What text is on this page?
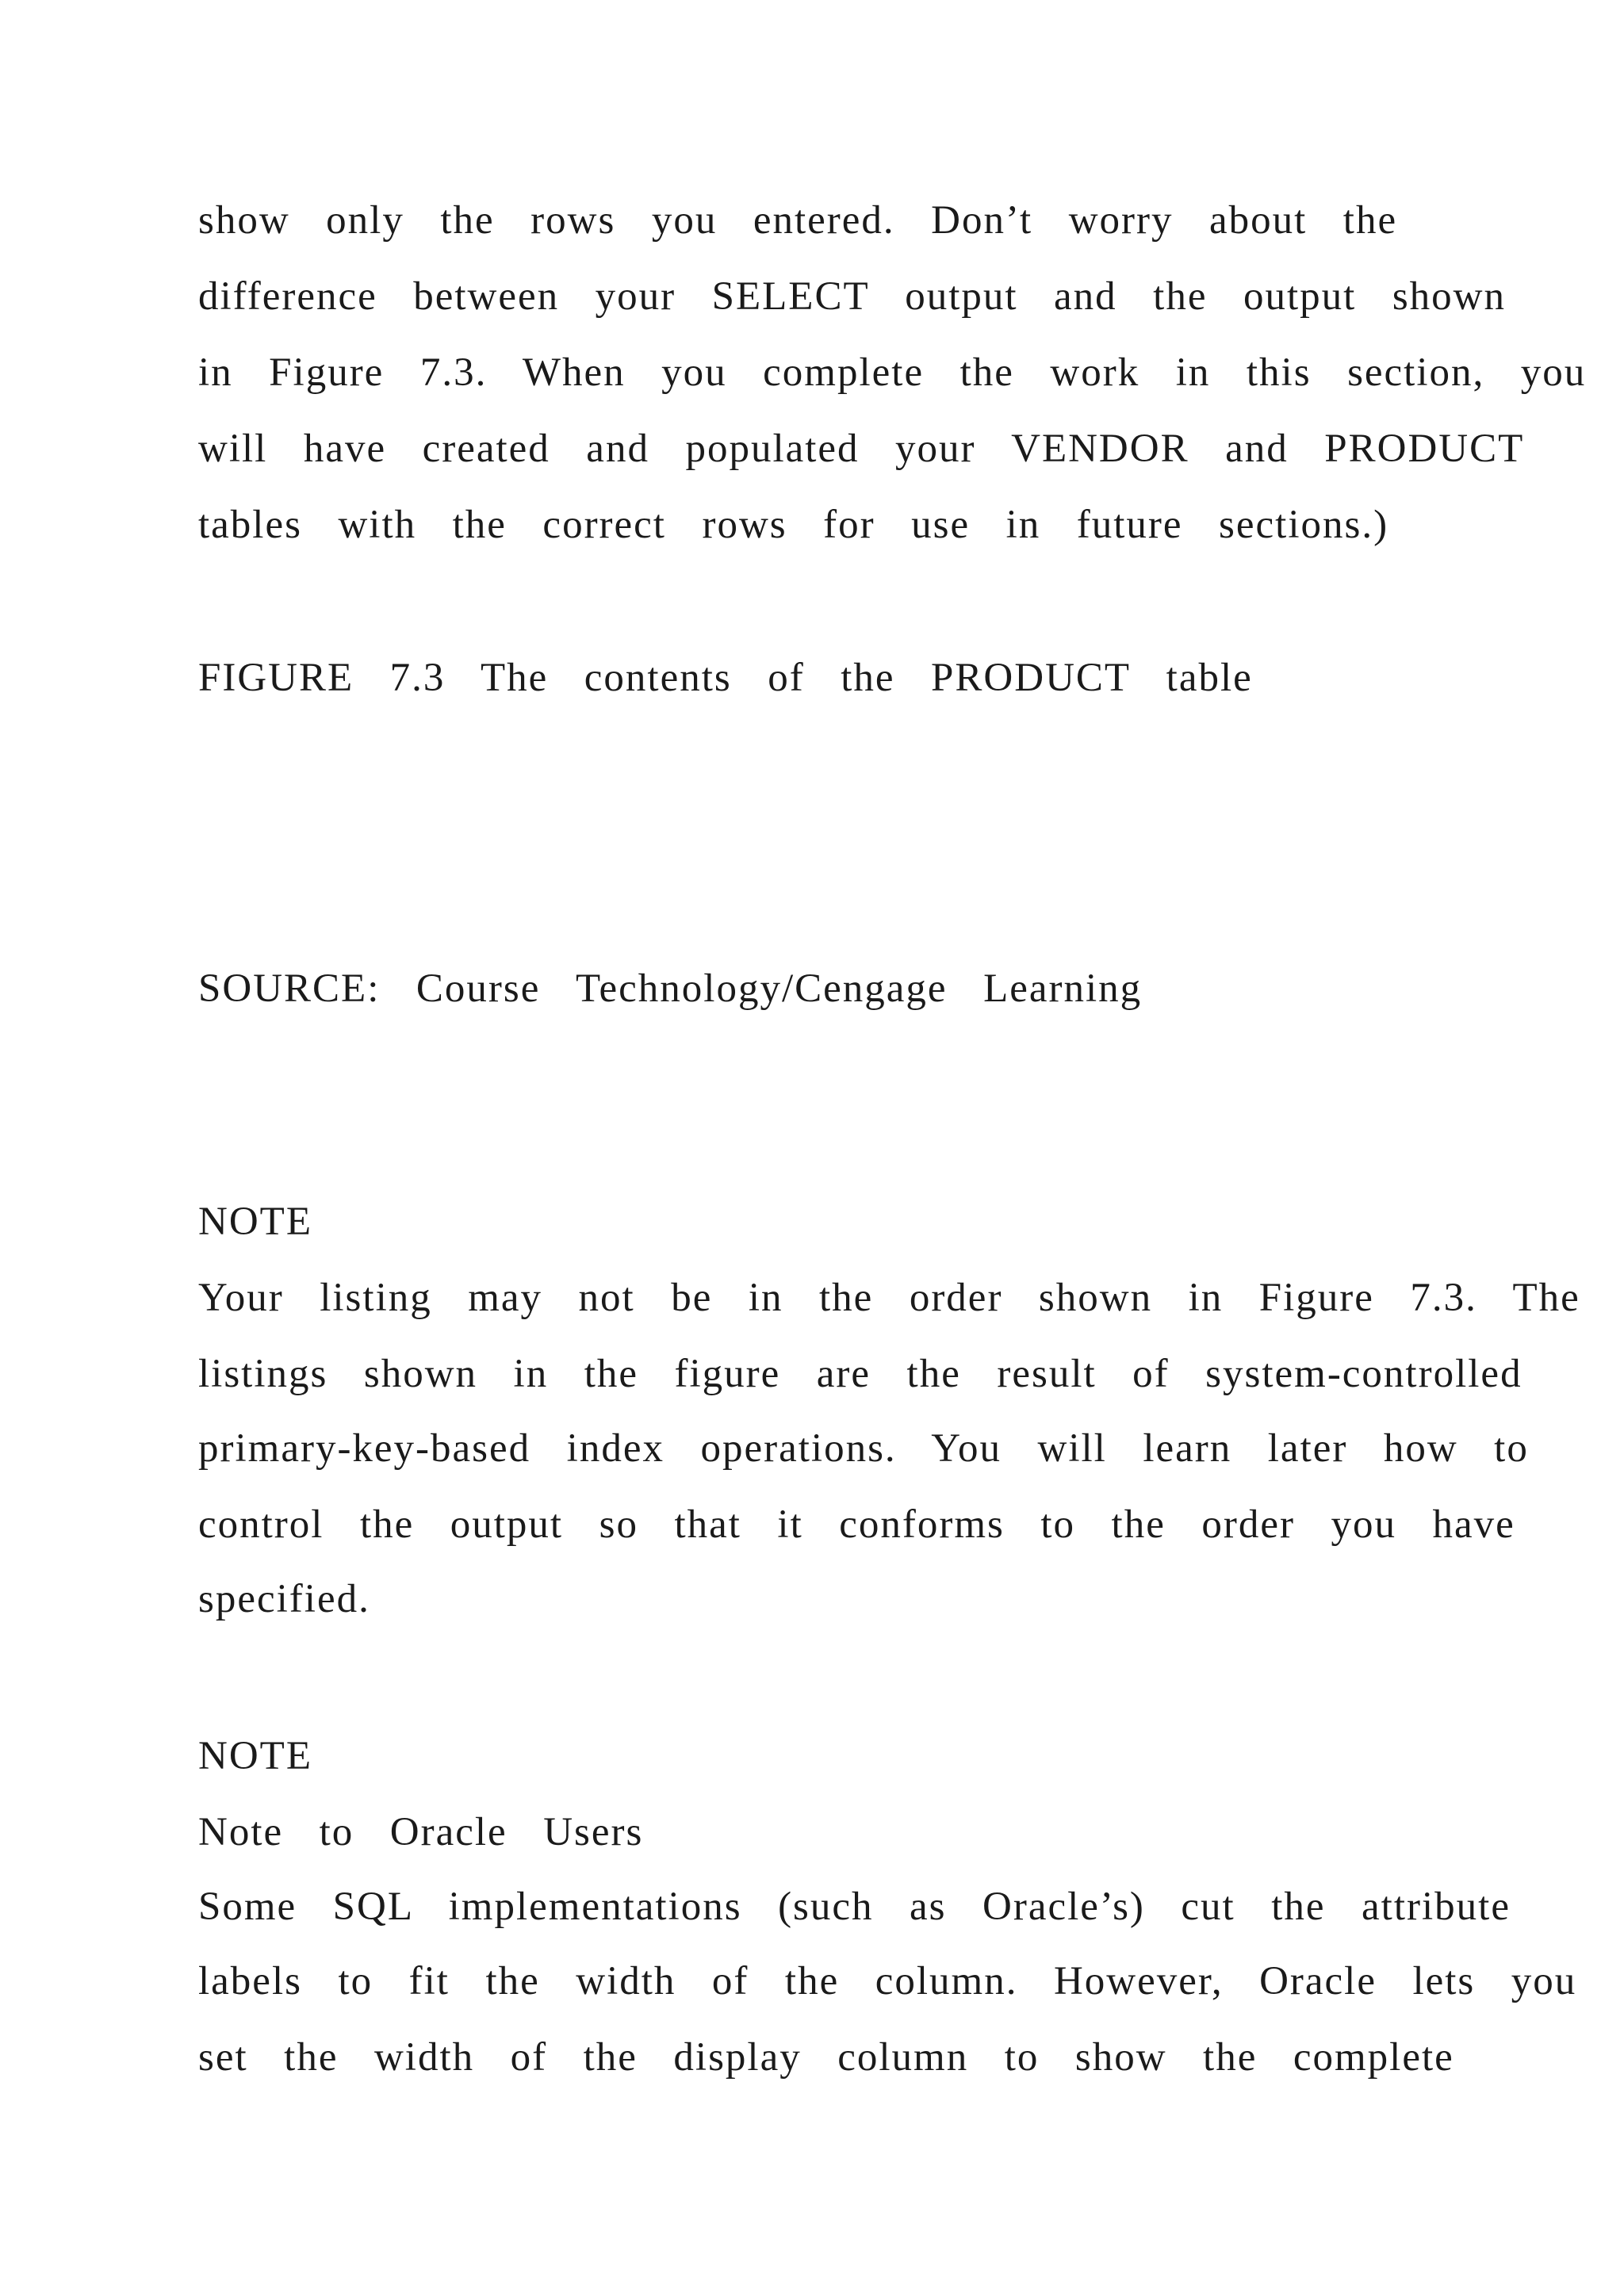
show  only  the  rows  you  entered.  Don’t  worry  about  the
difference  between  your  SELECT  output  and  the  output  shown
in  Figure  7.3.  When  you  complete  the  work  in  this  section,  you
will  have  created  and  populated  your  VENDOR  and  PRODUCT
tables  with  the  correct  rows  for  use  in  future  sections.)
FIGURE  7.3  The  contents  of  the  PRODUCT  table
SOURCE:  Course  Technology/Cengage  Learning
NOTE
Your  listing  may  not  be  in  the  order  shown  in  Figure  7.3.  The
listings  shown  in  the  figure  are  the  result  of  system-controlled
primary-key-based  index  operations.  You  will  learn  later  how  to
control  the  output  so  that  it  conforms  to  the  order  you  have
specified.
NOTE
Note  to  Oracle  Users
Some  SQL  implementations  (such  as  Oracle’s)  cut  the  attribute
labels  to  fit  the  width  of  the  column.  However,  Oracle  lets  you
set  the  width  of  the  display  column  to  show  the  complete
